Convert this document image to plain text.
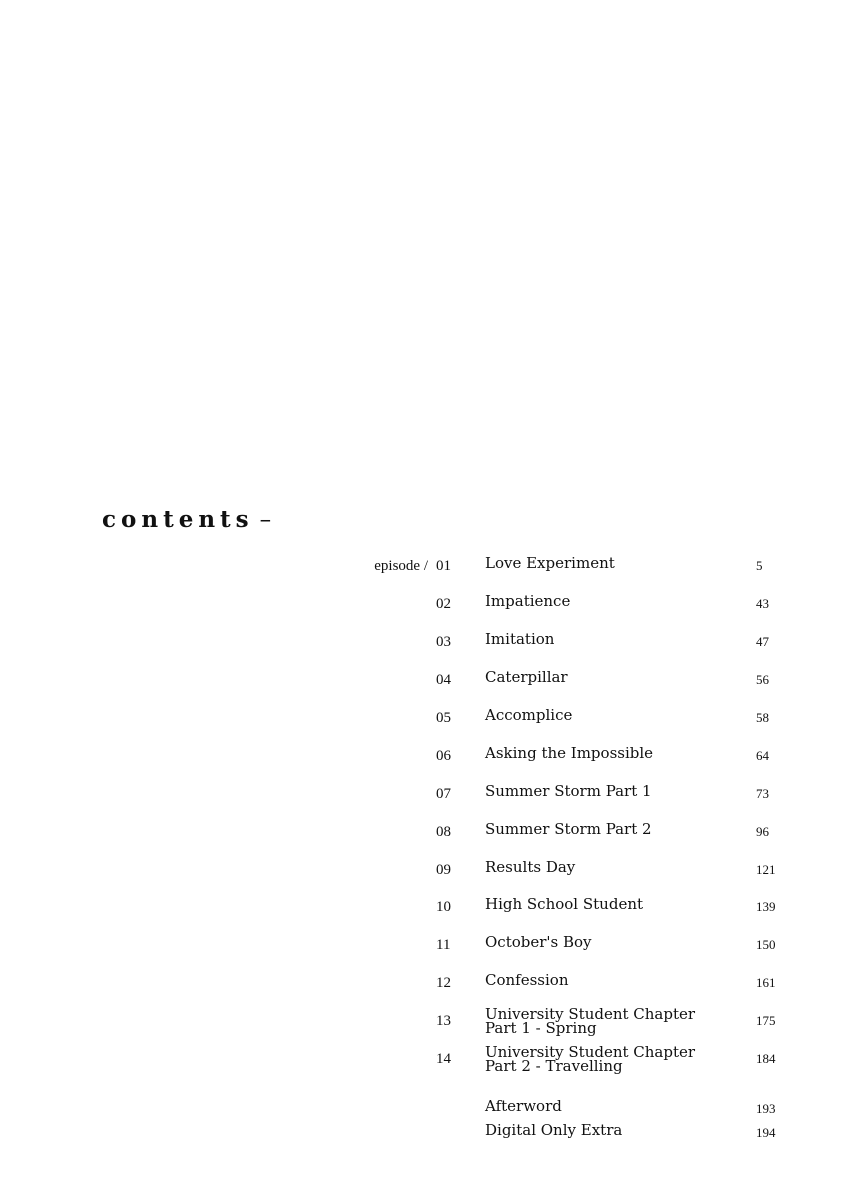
contents –
episode / 01 Love Experiment	5
02 Impatience	43
03 Imitation	47
04 Caterpillar	56
05 Accomplice	58
06 Asking the Impossible	64
07 Summer Storm Part 1	73
08 Summer Storm Part 2	96
09 Results Day	121
10 High School Student	139
11 October's Boy	150
12 Confession	161
13 University Student Chapter Part 1 - Spring	175
14 University Student Chapter Part 2 - Travelling	184
Afterword	193
Digital Only Extra	194
